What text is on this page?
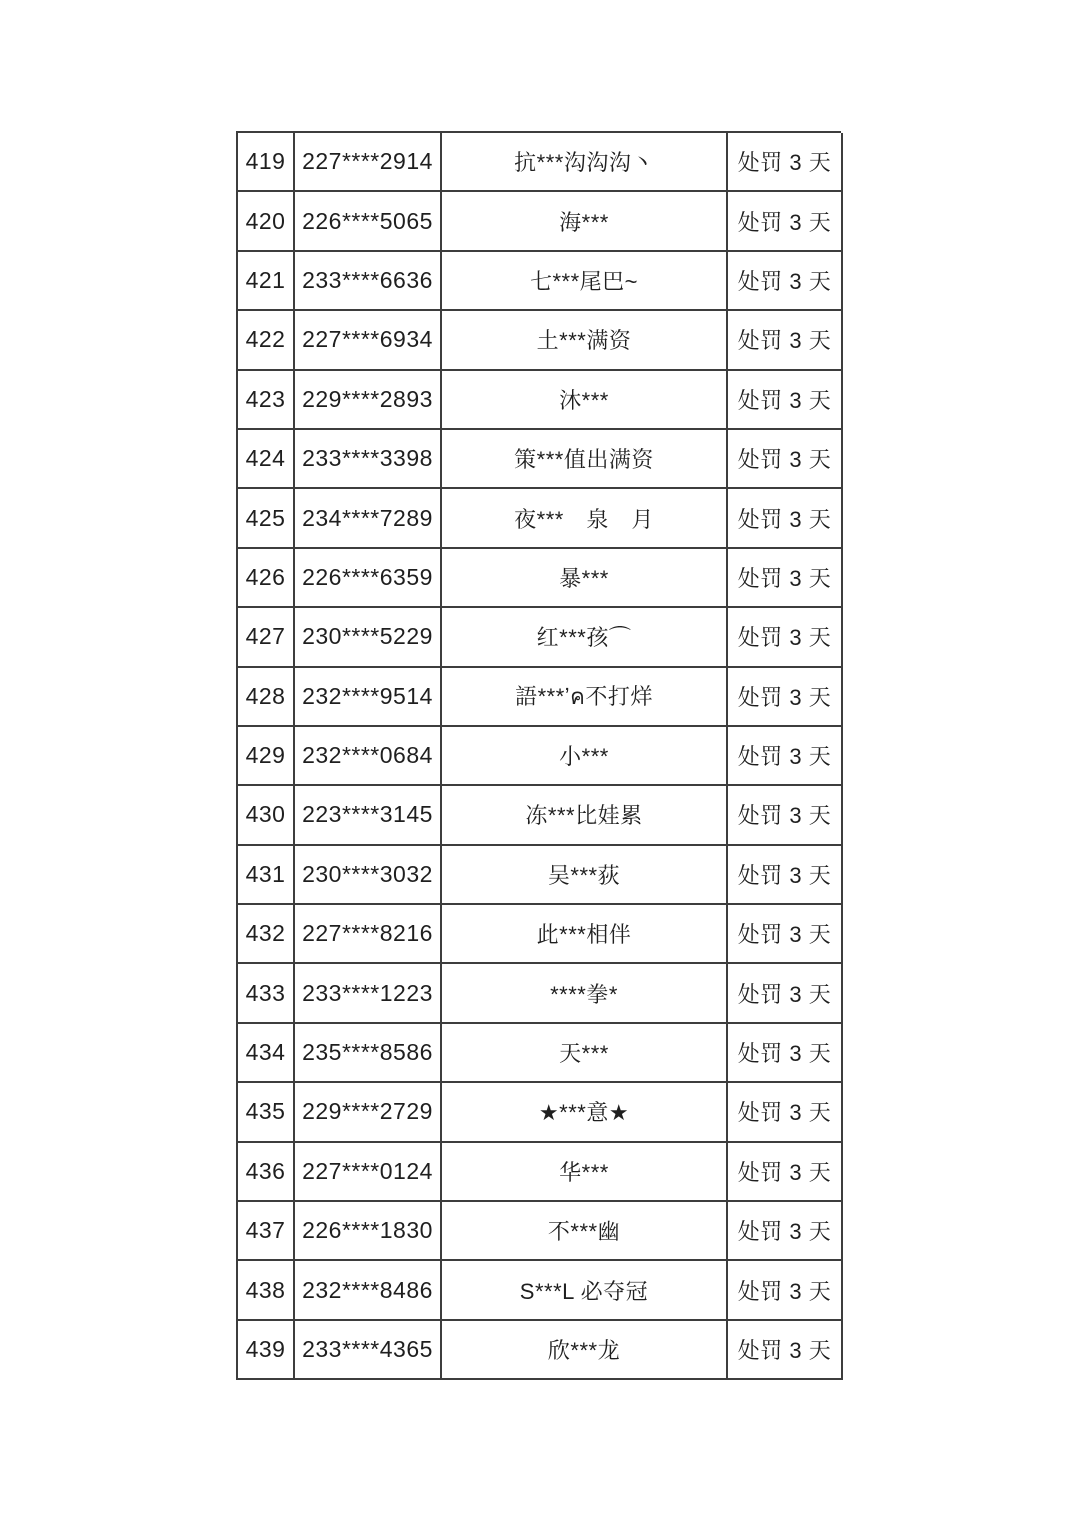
419 227****2914	抗***沟沟沟丶	处罚 3 天
420 226****5065	海***	处罚 3 天
421 233****6636	七***尾巴~	处罚 3 天
422 227****6934	土***满资	处罚 3 天
423 229****2893	沐***	处罚 3 天
424 233****3398	策***值出满资	处罚 3 天
425 234****7289	夜***　泉　月	处罚 3 天
426 226****6359	暴***	处罚 3 天
427 230****5229	红***孩⌒	处罚 3 天
428 232****9514	語***ʼค不打烊	处罚 3 天
429 232****0684	小***	处罚 3 天
430 223****3145	冻***比娃累	处罚 3 天
431 230****3032	吴***荻	处罚 3 天
432 227****8216	此***相伴	处罚 3 天
433 233****1223	****拳*	处罚 3 天
434 235****8586	天***	处罚 3 天
435 229****2729	★***意★	处罚 3 天
436 227****0124	华***	处罚 3 天
437 226****1830	不***幽	处罚 3 天
438 232****8486	S***L 必夺冠	处罚 3 天
439 233****4365	欣***龙	处罚 3 天
